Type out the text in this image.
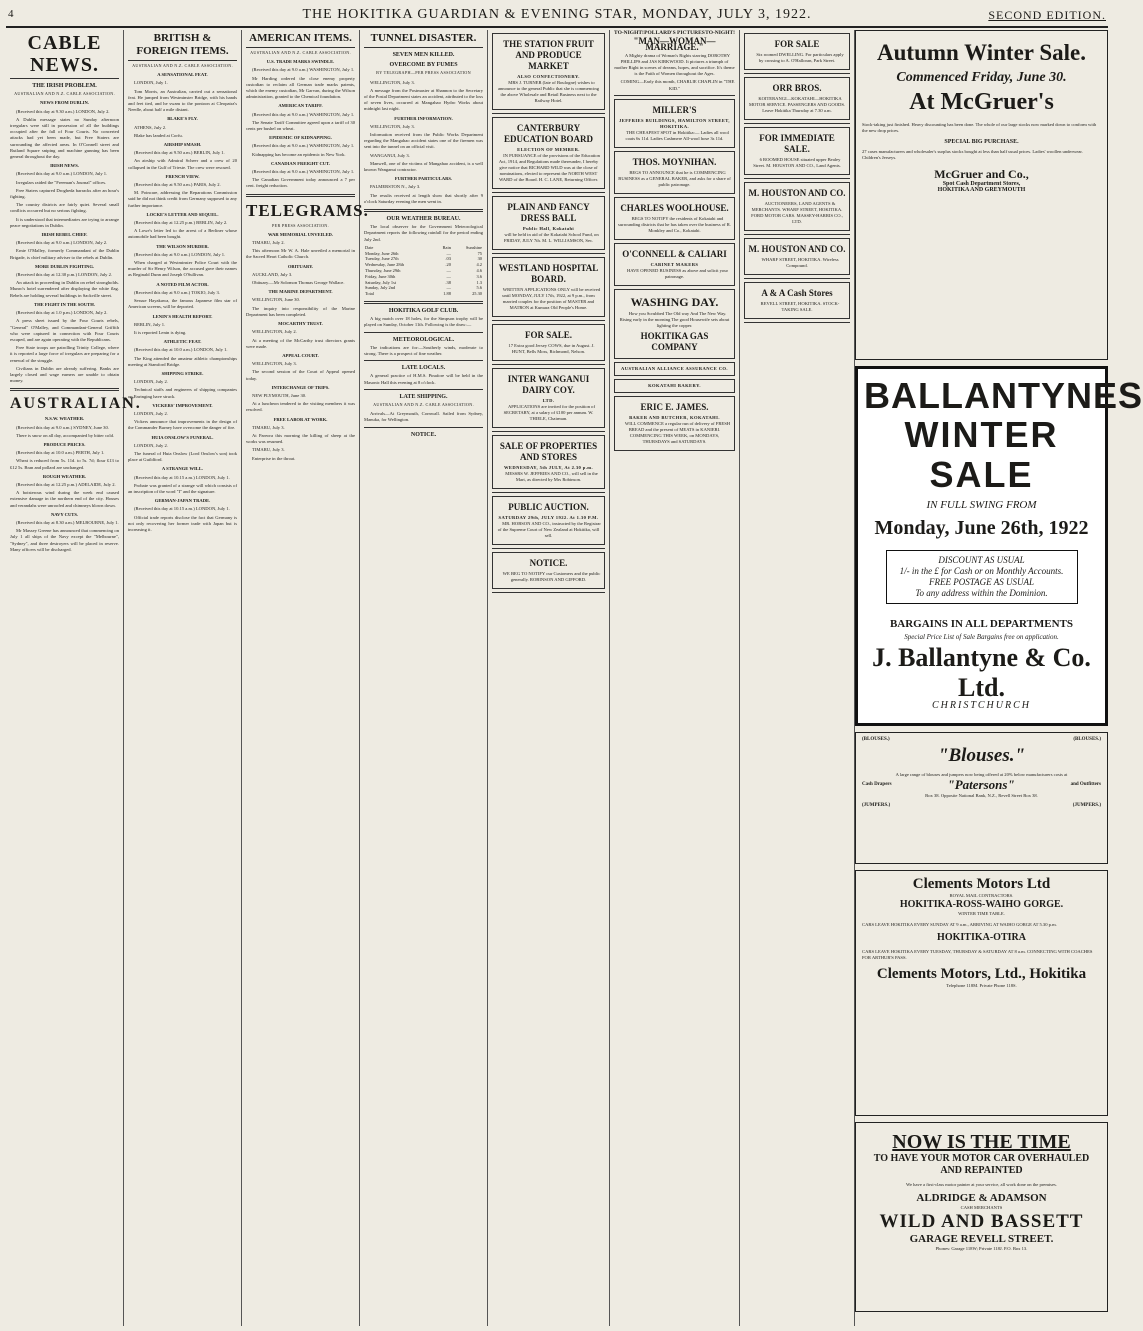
4	THE HOKITIKA GUARDIAN & EVENING STAR, MONDAY, JULY 3, 1922.	SECOND EDITION.
CABLE NEWS.
THE IRISH PROBLEM.
AUSTRALIAN AND N.Z. CABLE ASSOCIATION.

NEWS FROM DUBLIN.

(Received this day at 9.30 a.m.) LONDON, July 2.

A Dublin message states no Sunday afternoon irregulars were still in possession of all the buildings occupied after the fall of Four Courts. No concerted attacks had yet been made, but Free Staters are surrounding the affected areas. In O'Connell street and Rutland Square sniping and machine gunning has been general throughout the day.

IRISH NEWS.

(Received this day at 9.0 a.m.) LONDON, July 1.

Irregulars raided the "Freeman's Journal" offices.

Free Staters captured Drogheda barracks after an hour's fighting.

The country districts are fairly quiet. Several small conflicts occurred but no serious fighting.

It is understood that intermediaries are trying to arrange peace negotiations in Dublin.

IRISH REBEL CHIEF.

(Received this day at 9.0 a.m.) LONDON, July 2.

Ernie O'Malley, formerly Commandant of the Dublin Brigade, is chief military adviser to the rebels at Dublin.

MORE DUBLIN FIGHTING.

(Received this day at 12.30 p.m.) LONDON, July 2.

An attack in proceeding in Dublin on rebel strongholds. Munro's hotel surrendered after displaying the white flag. Rebels are holding several buildings in Sackville street.

THE FIGHT IN THE SOUTH.

(Received this day at 1.0 p.m.) LONDON, July 2.

A press sheet issued by the Four Courts rebels, "General" O'Malley, and Commandant-General Griffith who were captured in connection with Four Courts escaped, and are again operating with the Republicans.

Free State troops are patrolling Trinity College, where it is reported a large force of irregulars are preparing for a renewal of the struggle.

Civilians in Dublin are already suffering. Banks are largely closed and wage earners are unable to obtain money.

AUSTRALIAN.

N.S.W. WEATHER.

(Received this day at 9.0 a.m.) SYDNEY, June 30.

There is snow on all day, accompanied by bitter cold.

PRODUCE PRICES.

(Received this day at 10.0 a.m.) PERTH, July 1.

Wheat is reduced from 5s. 11d. to 5s. 7d; flour £13 to £12 5s. Bran and pollard are unchanged.

ROUGH WEATHER.

(Received this day at 12.25 p.m.) ADELAIDE, July 2.

A boisterous wind during the week end caused extensive damage in the northern end of the city. Houses and verandahs were unroofed and chimneys blown down.

NAVY CUTS.

(Received this day at 8.30 a.m.) MELBOURNE, July 1.

Mr Massey Greene has announced that commencing on July 1 all ships of the Navy except the "Melbourne", "Sydney", and three destroyers will be placed in reserve. Many officers will be discharged.

BRITISH & FOREIGN ITEMS.
AUSTRALIAN AND N.Z. CABLE ASSOCIATION.

A SENSATIONAL FEAT.

LONDON, July 1.

Tom Morris, an Australian, carried out a sensational feat. He jumped from Westminster Bridge, with his hands and feet tied, and he swam to the pontoon at Cleopatra's Needle, about half a mile distant.

BLAKE'S FLY.

ATHENS, July 2.

Blake has landed at Corfu.

AIRSHIP SMASH.

(Received this day at 9.50 a.m.) BERLIN, July 1.

An airship with Admiral Scheer and a crew of 20 collapsed in the Gulf of Trieste. The crew were rescued.

FRENCH VIEW.

(Received this day at 9.50 a.m.) PARIS, July 2.

M. Poincare, addressing the Reparations Commission said he did not think credit from Germany supposed to any further importance.

LOCKE'S LETTER AND SEQUEL.

(Received this day at 12.25 p.m.) BERLIN, July 2.

A Lowe's letter led to the arrest of a Berliner whose automobile had been bought.

THE WILSON MURDER.

(Received this day at 9.0 a.m.) LONDON, July 1.

When charged at Westminster Police Court with the murder of Sir Henry Wilson, the accused gave their names as Reginald Dunn and Joseph O'Sullivan.

A NOTED FILM ACTOR.

(Received this day at 9.0 a.m.) TOKIO, July 3.

Sessue Hayakawa, the famous Japanese film star of American screens, will be deported.

LENIN'S HEALTH REPORT.

BERLIN, July 1.

It is reported Lenin is dying.

ATHLETIC FEAT.

(Received this day at 10.0 a.m.) LONDON, July 1.

The King attended the amateur athletic championships meeting at Stamford Bridge.

SHIPPING STRIKE.

LONDON, July 2.

Technical staffs and engineers of shipping companies on Enringing have struck.

VICKERS' IMPROVEMENT.

LONDON, July 2.

Vickers announce that improvements in the design of the Commander Burney have overcome the danger of fire.

HUIA ONSLOW'S FUNERAL.

LONDON, July 2.

The funeral of Huia Onslow (Lord Onslow's son) took place at Guildford.

A STRANGE WILL.

(Received this day at 10.15 a.m.) LONDON, July 1.

Probate was granted of a strange will which consists of an inscription of the word "I" and the signature.

GERMAN-JAPAN TRADE.

(Received this day at 10.15 a.m.) LONDON, July 1.

Official trade reports disclose the fact that Germany is not only recovering her former trade with Japan but is increasing it.

AMERICAN ITEMS.
AUSTRALIAN AND N.Z. CABLE ASSOCIATION.

U.S. TRADE MARKS SWINDLE.

(Received this day at 9.0 a.m.) WASHINGTON, July 1.

Mr Harding ordered the close enemy property custodian to reclaim all German trade marks patents, which the enemy custodian, Mr Garvan, during the Wilson administration, granted to the Chemical foundation.

AMERICAN TARIFF.

(Received this day at 9.0 a.m.) WASHINGTON, July 1.

The Senate Tariff Committee agreed upon a tariff of 30 cents per bushel on wheat.

EPIDEMIC OF KIDNAPPING.

(Received this day at 9.0 a.m.) WASHINGTON, July 1.

Kidnapping has become an epidemic in New York.

CANADIAN FREIGHT CUT.

(Received this day at 9.0 a.m.) WASHINGTON, July 1.

The Canadian Government today announced a 7 per cent. freight reduction.

TELEGRAMS.
PER PRESS ASSOCIATION.

WAR MEMORIAL UNVEILED.

TIMARU, July 2.

This afternoon Mr W. A. Hale unveiled a memorial in the Sacred Heart Catholic Church.

OBITUARY.

AUCKLAND, July 3.

Obituary.—Mr Solomon Thomas George Wallace.

THE MARINE DEPARTMENT.

WELLINGTON, June 30.

The inquiry into responsibility of the Marine Department has been completed.

MOCARTHY TRUST.

WELLINGTON, July 2.

At a meeting of the McCarthy trust directors grants were made.

APPEAL COURT.

WELLINGTON, July 3.

The second session of the Court of Appeal opened today.

INTERCHANGE OF TRIPS.

NEW PLYMOUTH, June 30.

At a luncheon tendered to the visiting members it was resolved.

FREE LABOR AT WORK.

TIMARU, July 3.

At Pareora this morning the killing of sheep at the works was resumed.

TIMARU, July 3.

Enterprise in the throat.

TUNNEL DISASTER.
SEVEN MEN KILLED.
OVERCOME BY FUMES
BY TELEGRAPH—PER PRESS ASSOCIATION

WELLINGTON, July 3.

A message from the Postmaster at Shannon to the Secretary of the Postal Department states an accident, attributed to the loss of seven lives, occurred at Mangahao Hydro Works about midnight last night.

FURTHER INFORMATION.

WELLINGTON, July 3.

Information received from the Public Works Department regarding the Mangahao accident states one of the firemen was sent into the tunnel on an official visit.

WANGANUI, July 3.

Manwell, one of the victims of Mangahao accident, is a well known Wanganui contractor.

FURTHER PARTICULARS.

PALMERSTON N., July 3.

The results received at length show that shortly after 9 o'clock Saturday evening the men went in.

OUR WEATHER BUREAU.

The local observer for the Government Meteorological Department reports the following rainfall for the period ending July 2nd.

Date	Rain	Sunshine
Monday, June 26th	—	75
Tuesday, June 27th	.03	30
Wednesday, June 28th	.20	4.2
Thursday, June 29th	—	4.6
Friday, June 30th	—	3.6
Saturday, July 1st	.38	1.3
Sunday, July 2nd	—	5.6
Total	1.88	25.30
HOKITIKA GOLF CLUB.

A big match over 18 holes, for the Simpson trophy will be played on Sunday, October 11th. Following is the draw:—

METEOROLOGICAL.

The indications are for:—Southerly winds, moderate to strong. There is a prospect of fine weather.

LATE LOCALS.

A general practice of H.M.S. Pinafore will be held in the Masonic Hall this evening at 8 o'clock.

LATE SHIPPING.
AUSTRALIAN AND N.Z. CABLE ASSOCIATION.

Arrivals—At Greymouth, Cornwall. Sailed from Sydney, Manuka, for Wellington.

NOTICE.
THE STATION FRUIT AND PRODUCE MARKET
ALSO CONFECTIONERY.

MRS J. TURNER (late of Boulogne) wishes to announce to the general Public that she is commencing the above Wholesale and Retail Business next to the Railway Hotel.

CANTERBURY EDUCATION BOARD
ELECTION OF MEMBER.

IN PURSUANCE of the provisions of the Education Act, 1914, and Regulations made thereunder, I hereby give notice that RICHARD WILD was at the close of nominations, elected to represent the NORTH WEST WARD of the Board. H. C. LANE, Returning Officer.

PLAIN AND FANCY DRESS BALL
Public Hall, Kokatahi

will be held in aid of the Kokatahi School Fund, on FRIDAY, JULY 7th. M. L. WILLIAMSON, Sec.

WESTLAND HOSPITAL BOARD.

WRITTEN APPLICATIONS ONLY will be received until MONDAY, JULY 17th, 1922, at 9 p.m., from married couples for the position of MASTER and MATRON at Kumara Old People's Home.

FOR SALE.

17 Extra good Jersey COWS, due in August. J. HUNT, Bells Moss, Richmond, Nelson.

INTER WANGANUI DAIRY COY.
LTD.

APPLICATIONS are invited for the position of SECRETARY, at a salary of £100 per annum. W. THIELE, Chairman.

SALE OF PROPERTIES AND STORES
WEDNESDAY, 5th JULY, At 2.30 p.m.

MESSRS W. JEFFRIES AND CO., will sell in the Mart, as directed by Mrs Robinson.

PUBLIC AUCTION.
SATURDAY 29th, JULY 1922. At 1.30 P.M.

MR. HOBSON AND CO., instructed by the Registrar of the Supreme Court of New Zealand at Hokitika, will sell.

NOTICE.

WE BEG TO NOTIFY our Customers and the public generally. ROBINSON AND GIFFORD.

TO-NIGHT! POLLARD'S PICTURES TO-NIGHT!
"MAN—WOMAN—MARRIAGE."

A Mighty drama of Woman's Rights starring DOROTHY PHILLIPS and JAS KIRKWOOD. It pictures a triumph of mother Right in scenes of dreams, hopes, and sacrifice. It's theme is the Faith of Women throughout the Ages.

COMING—Early this month, CHARLIE CHAPLIN in "THE KID."

MILLER'S
JEFFRIES BUILDINGS, HAMILTON STREET, HOKITIKA.

THE CHEAPEST SPOT in Hokitika:— Ladies all wool coats 6s 11d. Ladies Cashmere All-wool hose 3s 11d.

THOS. MOYNIHAN.

BEGS TO ANNOUNCE that he is COMMENCING BUSINESS as a GENERAL BAKER, and asks for a share of public patronage.

CHARLES WOOLHOUSE.

BEGS TO NOTIFY the residents of Kokatahi and surrounding districts that he has taken over the business of R. Monkley and Co., Kokatahi.

O'CONNELL & CALIARI
CABINET MAKERS

HAVE OPENED BUSINESS as above and solicit your patronage.

WASHING DAY.

How you Scrubbed The Old way And The New Way. Rising early in the morning The good Housewife sets about lighting the copper.

HOKITIKA GAS COMPANY
AUSTRALIAN ALLIANCE ASSURANCE CO.
KOKATAHI BAKERY.
ERIC E. JAMES.
BAKER AND BUTCHER, KOKATAHI.

WILL COMMENCE a regular run of delivery of FRESH BREAD and the present of MEATS in KANIERI. COMMENCING THIS WEEK, on MONDAYS, THURSDAYS and SATURDAYS.

FOR SALE

Six roomed DWELLING. For particulars apply by crossing to A. O'Halloran, Park Street.

ORR BROS.

KOITERANGI—KOKATAHI—HOKITIKA MOTOR SERVICE. PASSENGERS AND GOODS. Leave Hokitika Thursday at 7.30 a.m.

FOR IMMEDIATE SALE.

6 ROOMED HOUSE situated upper Bealey Street. M. HOUSTON AND CO., Land Agents.

M. HOUSTON AND CO.

AUCTIONEERS, LAND AGENTS & MERCHANTS. WHARF STREET, HOKITIKA. FORD MOTOR CARS. MASSEY-HARRIS CO., LTD.

M. HOUSTON AND CO.

WHARF STREET, HOKITIKA. Wireless Compound.

A & A Cash Stores

REVELL STREET, HOKITIKA. STOCK-TAKING SALE.

Autumn Winter Sale.
Commenced Friday, June 30.
At McGruer's

Stock-taking just finished. Heavy discounting has been done. The whole of our large stocks now marked down to conform with the new drop prices.

SPECIAL BIG PURCHASE.

27 cases manufacturers and wholesaler's surplus stocks bought at less than half usual prices. Ladies' woollen underwear. Children's Jerseys.

McGruer and Co.,
Spot Cash Department Stores,
HOKITIKA AND GREYMOUTH
BALLANTYNES
WINTER SALE
IN FULL SWING FROM
Monday, June 26th, 1922
DISCOUNT AS USUAL
1/- in the £ for Cash or on Monthly Accounts.
FREE POSTAGE AS USUAL
To any address within the Dominion.
BARGAINS IN ALL DEPARTMENTS
Special Price List of Sale Bargains free on application.
J. Ballantyne & Co. Ltd.
CHRISTCHURCH
(BLOUSES.)	(BLOUSES.)
"Blouses."

A large range of blouses and jumpers now being offered at 20% below manufacturers costs at

Cash Drapers	"Patersons"	and Outfitters

Box 38. Opposite National Bank, N.Z., Revell Street Box 38.

(JUMPERS.)	(JUMPERS.)
Clements Motors Ltd
ROYAL MAIL CONTRACTORS.
HOKITIKA-ROSS-WAIHO GORGE.
WINTER TIME TABLE.

CARS LEAVE HOKITIKA EVERY SUNDAY AT 9 a.m., ARRIVING AT WAIHO GORGE AT 5.30 p.m.

HOKITIKA-OTIRA

CARS LEAVE HOKITIKA EVERY TUESDAY, THURSDAY & SATURDAY AT 8 a.m. CONNECTING WITH COACHES FOR ARTHUR'S PASS.

Clements Motors, Ltd., Hokitika
Telephone 118M. Private Phone 118S.
NOW IS THE TIME
TO HAVE YOUR MOTOR CAR OVERHAULED AND REPAINTED

We have a first-class motor painter at your service, all work done on the premises.

ALDRIDGE & ADAMSON
CASH MERCHANTS
WILD AND BASSETT
GARAGE REVELL STREET.
Phones: Garage 118W; Private 118J. P.O. Box 13.
